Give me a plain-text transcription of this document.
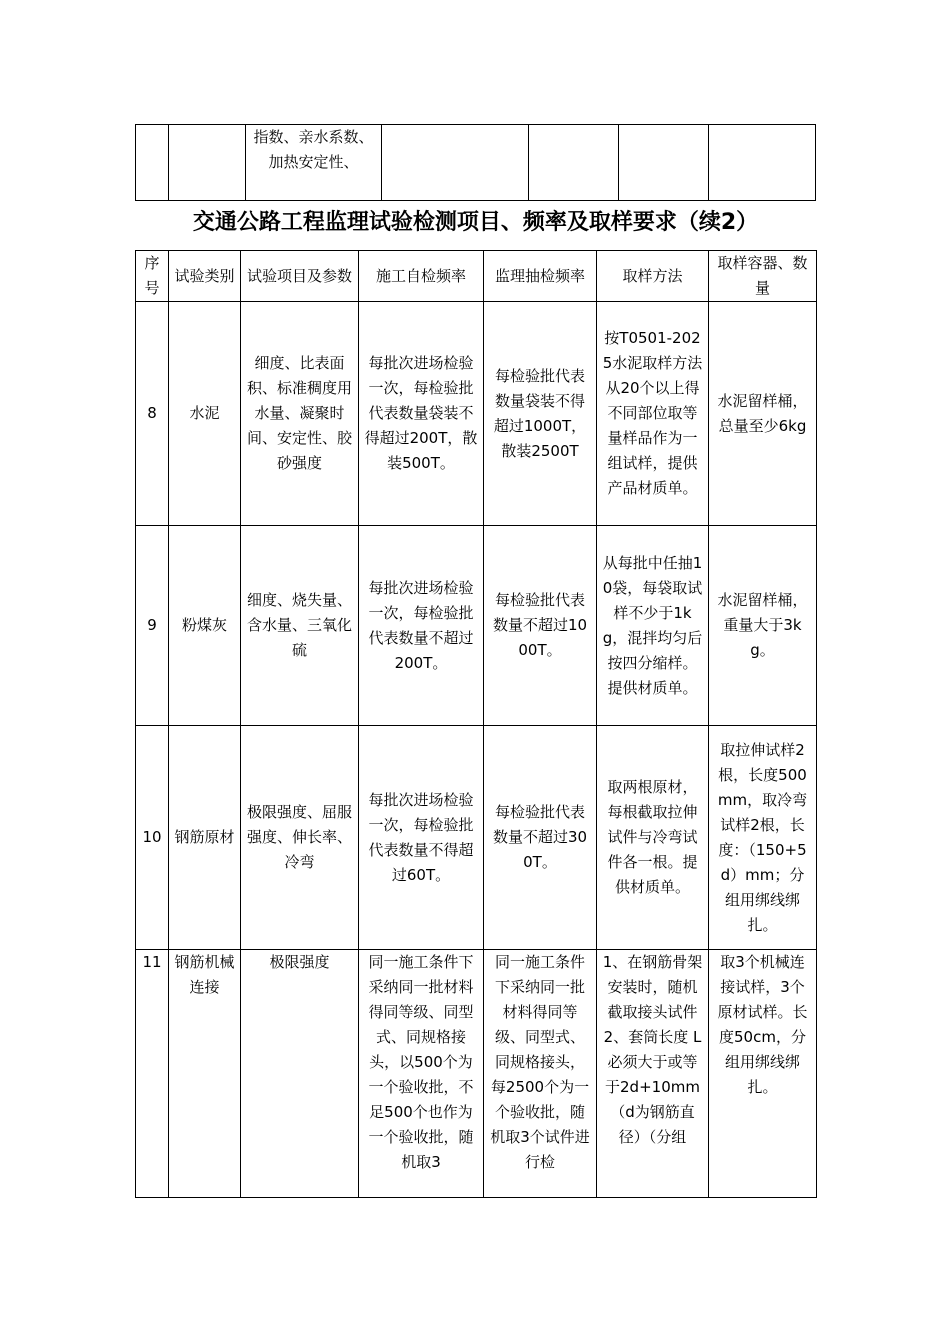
		指数、亲水系数、加热安定性、				
交通公路工程监理试验检测项目、频率及取样要求（续2）
序号	试验类别	试验项目及参数	施工自检频率	监理抽检频率	取样方法	取样容器、数量
8	水泥	细度、比表面积、标准稠度用水量、凝聚时间、安定性、胶砂强度	每批次进场检验一次，每检验批代表数量袋装不得超过200T，散装500T。	每检验批代表数量袋装不得超过1000T，散装2500T	按T0501-2025水泥取样方法从20个以上得不同部位取等量样品作为一组试样，提供产品材质单。	水泥留样桶，总量至少6kg
9	粉煤灰	细度、烧失量、含水量、三氧化硫	每批次进场检验一次，每检验批代表数量不超过200T。	每检验批代表数量不超过1000T。	从每批中任抽10袋，每袋取试样不少于1kg，混拌均匀后按四分缩样。提供材质单。	水泥留样桶，重量大于3kg。
10	钢筋原材	极限强度、屈服强度、伸长率、冷弯	每批次进场检验一次，每检验批代表数量不得超过60T。	每检验批代表数量不超过300T。	取两根原材，每根截取拉伸试件与冷弯试件各一根。提供材质单。	取拉伸试样2根，长度500mm，取冷弯试样2根，长度：（150+5d）mm；分组用绑线绑扎。
11	钢筋机械连接	极限强度	同一施工条件下采纳同一批材料得同等级、同型式、同规格接头，以500个为一个验收批，不足500个也作为一个验收批，随机取3	同一施工条件下采纳同一批材料得同等级、同型式、同规格接头，每2500个为一个验收批，随机取3个试件进行检	1、在钢筋骨架安装时，随机截取接头试件2、套筒长度 L必须大于或等于2d+10mm（d为钢筋直径）（分组	取3个机械连接试样，3个原材试样。长度50cm，分组用绑线绑扎。
